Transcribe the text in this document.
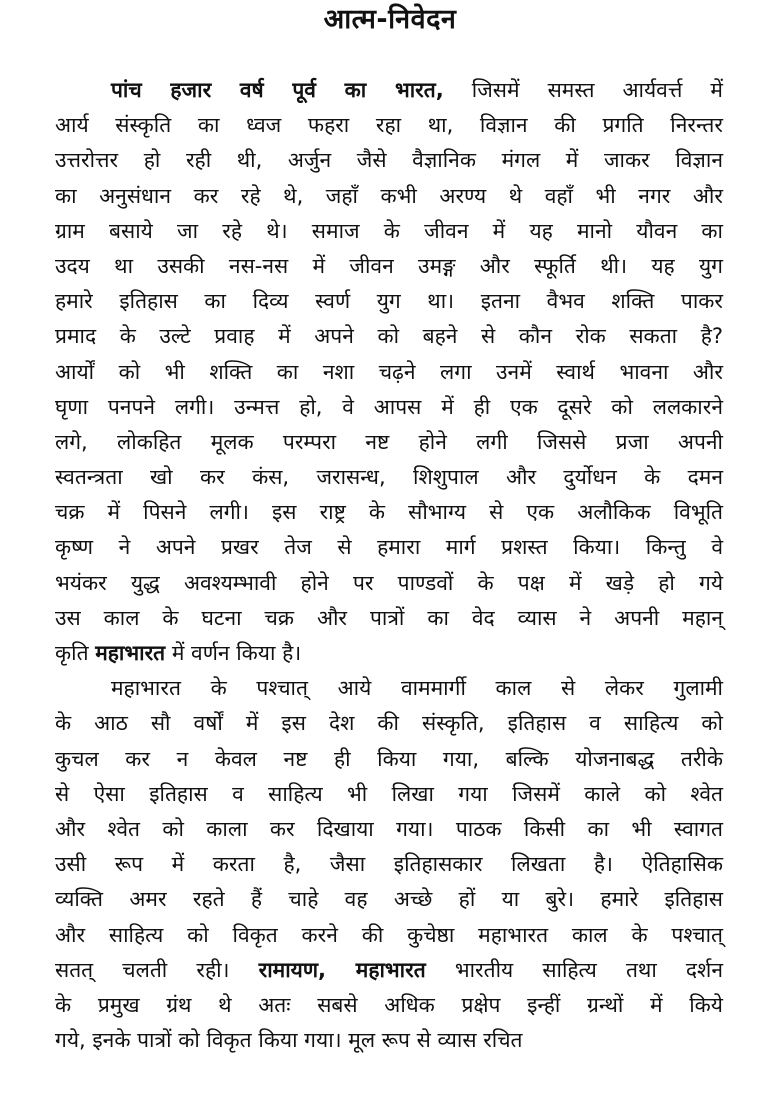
आत्म-निवेदन
पांच हजार वर्ष पूर्व का भारत, जिसमें समस्त आर्यवर्त्त में
आर्य संस्कृति का ध्वज फहरा रहा था, विज्ञान की प्रगति निरन्तर
उत्तरोत्तर हो रही थी, अर्जुन जैसे वैज्ञानिक मंगल में जाकर विज्ञान
का अनुसंधान कर रहे थे, जहाँ कभी अरण्य थे वहाँ भी नगर और
ग्राम बसाये जा रहे थे। समाज के जीवन में यह मानो यौवन का
उदय था उसकी नस-नस में जीवन उमङ्ग और स्फूर्ति थी। यह युग
हमारे इतिहास का दिव्य स्वर्ण युग था। इतना वैभव शक्ति पाकर
प्रमाद के उल्टे प्रवाह में अपने को बहने से कौन रोक सकता है?
आर्यों को भी शक्ति का नशा चढ़ने लगा उनमें स्वार्थ भावना और
घृणा पनपने लगी। उन्मत्त हो, वे आपस में ही एक दूसरे को ललकारने
लगे, लोकहित मूलक परम्परा नष्ट होने लगी जिससे प्रजा अपनी
स्वतन्त्रता खो कर कंस, जरासन्ध, शिशुपाल और दुर्योधन के दमन
चक्र में पिसने लगी। इस राष्ट्र के सौभाग्य से एक अलौकिक विभूति
कृष्ण ने अपने प्रखर तेज से हमारा मार्ग प्रशस्त किया। किन्तु वे
भयंकर युद्ध अवश्यम्भावी होने पर पाण्डवों के पक्ष में खड़े हो गये
उस काल के घटना चक्र और पात्रों का वेद व्यास ने अपनी महान्
कृति महाभारत में वर्णन किया है।
महाभारत के पश्चात् आये वाममार्गी काल से लेकर गुलामी
के आठ सौ वर्षों में इस देश की संस्कृति, इतिहास व साहित्य को
कुचल कर न केवल नष्ट ही किया गया, बल्कि योजनाबद्ध तरीके
से ऐसा इतिहास व साहित्य भी लिखा गया जिसमें काले को श्वेत
और श्वेत को काला कर दिखाया गया। पाठक किसी का भी स्वागत
उसी रूप में करता है, जैसा इतिहासकार लिखता है। ऐतिहासिक
व्यक्ति अमर रहते हैं चाहे वह अच्छे हों या बुरे। हमारे इतिहास
और साहित्य को विकृत करने की कुचेष्ठा महाभारत काल के पश्चात्
सतत् चलती रही। रामायण, महाभारत भारतीय साहित्य तथा दर्शन
के प्रमुख ग्रंथ थे अतः सबसे अधिक प्रक्षेप इन्हीं ग्रन्थों में किये
गये, इनके पात्रों को विकृत किया गया। मूल रूप से व्यास रचित
